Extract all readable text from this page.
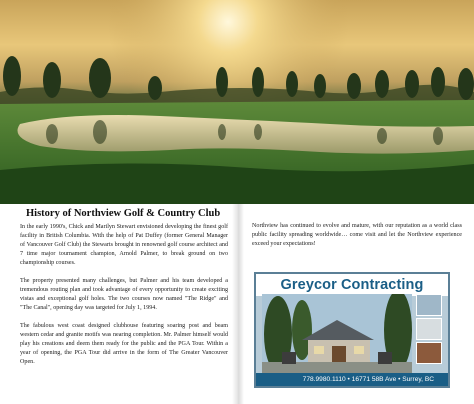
History of Northview Golf & Country Club

In the early 1990's, Chick and Marilyn Stewart envisioned developing the finest golf facility in British Columbia. With the help of Pat Duffey (former General Manager of Vancouver Golf Club) the Stewarts brought in renowned golf course architect and 7 time major tournament champion, Arnold Palmer, to break ground on two championship courses.

The property presented many challenges, but Palmer and his team developed a tremendous routing plan and took advantage of every opportunity to create exciting vistas and exceptional golf holes. The two courses now named "The Ridge" and "The Canal", opening day was targeted for July 1, 1994.

The fabulous west coast designed clubhouse featuring soaring post and beam western cedar and granite motifs was nearing completion. Mr. Palmer himself would play his creations and deem them ready for the public and the PGA Tour. Within a year of opening, the PGA Tour did arrive in the form of The Greater Vancouver Open.

Northview has continued to evolve and mature, with our reputation as a world class public facility spreading worldwide… come visit and let the Northview experience exceed your expectations!

Greycor Contracting
778.9980.1110 • 16771 58B Ave • Surrey, BC
